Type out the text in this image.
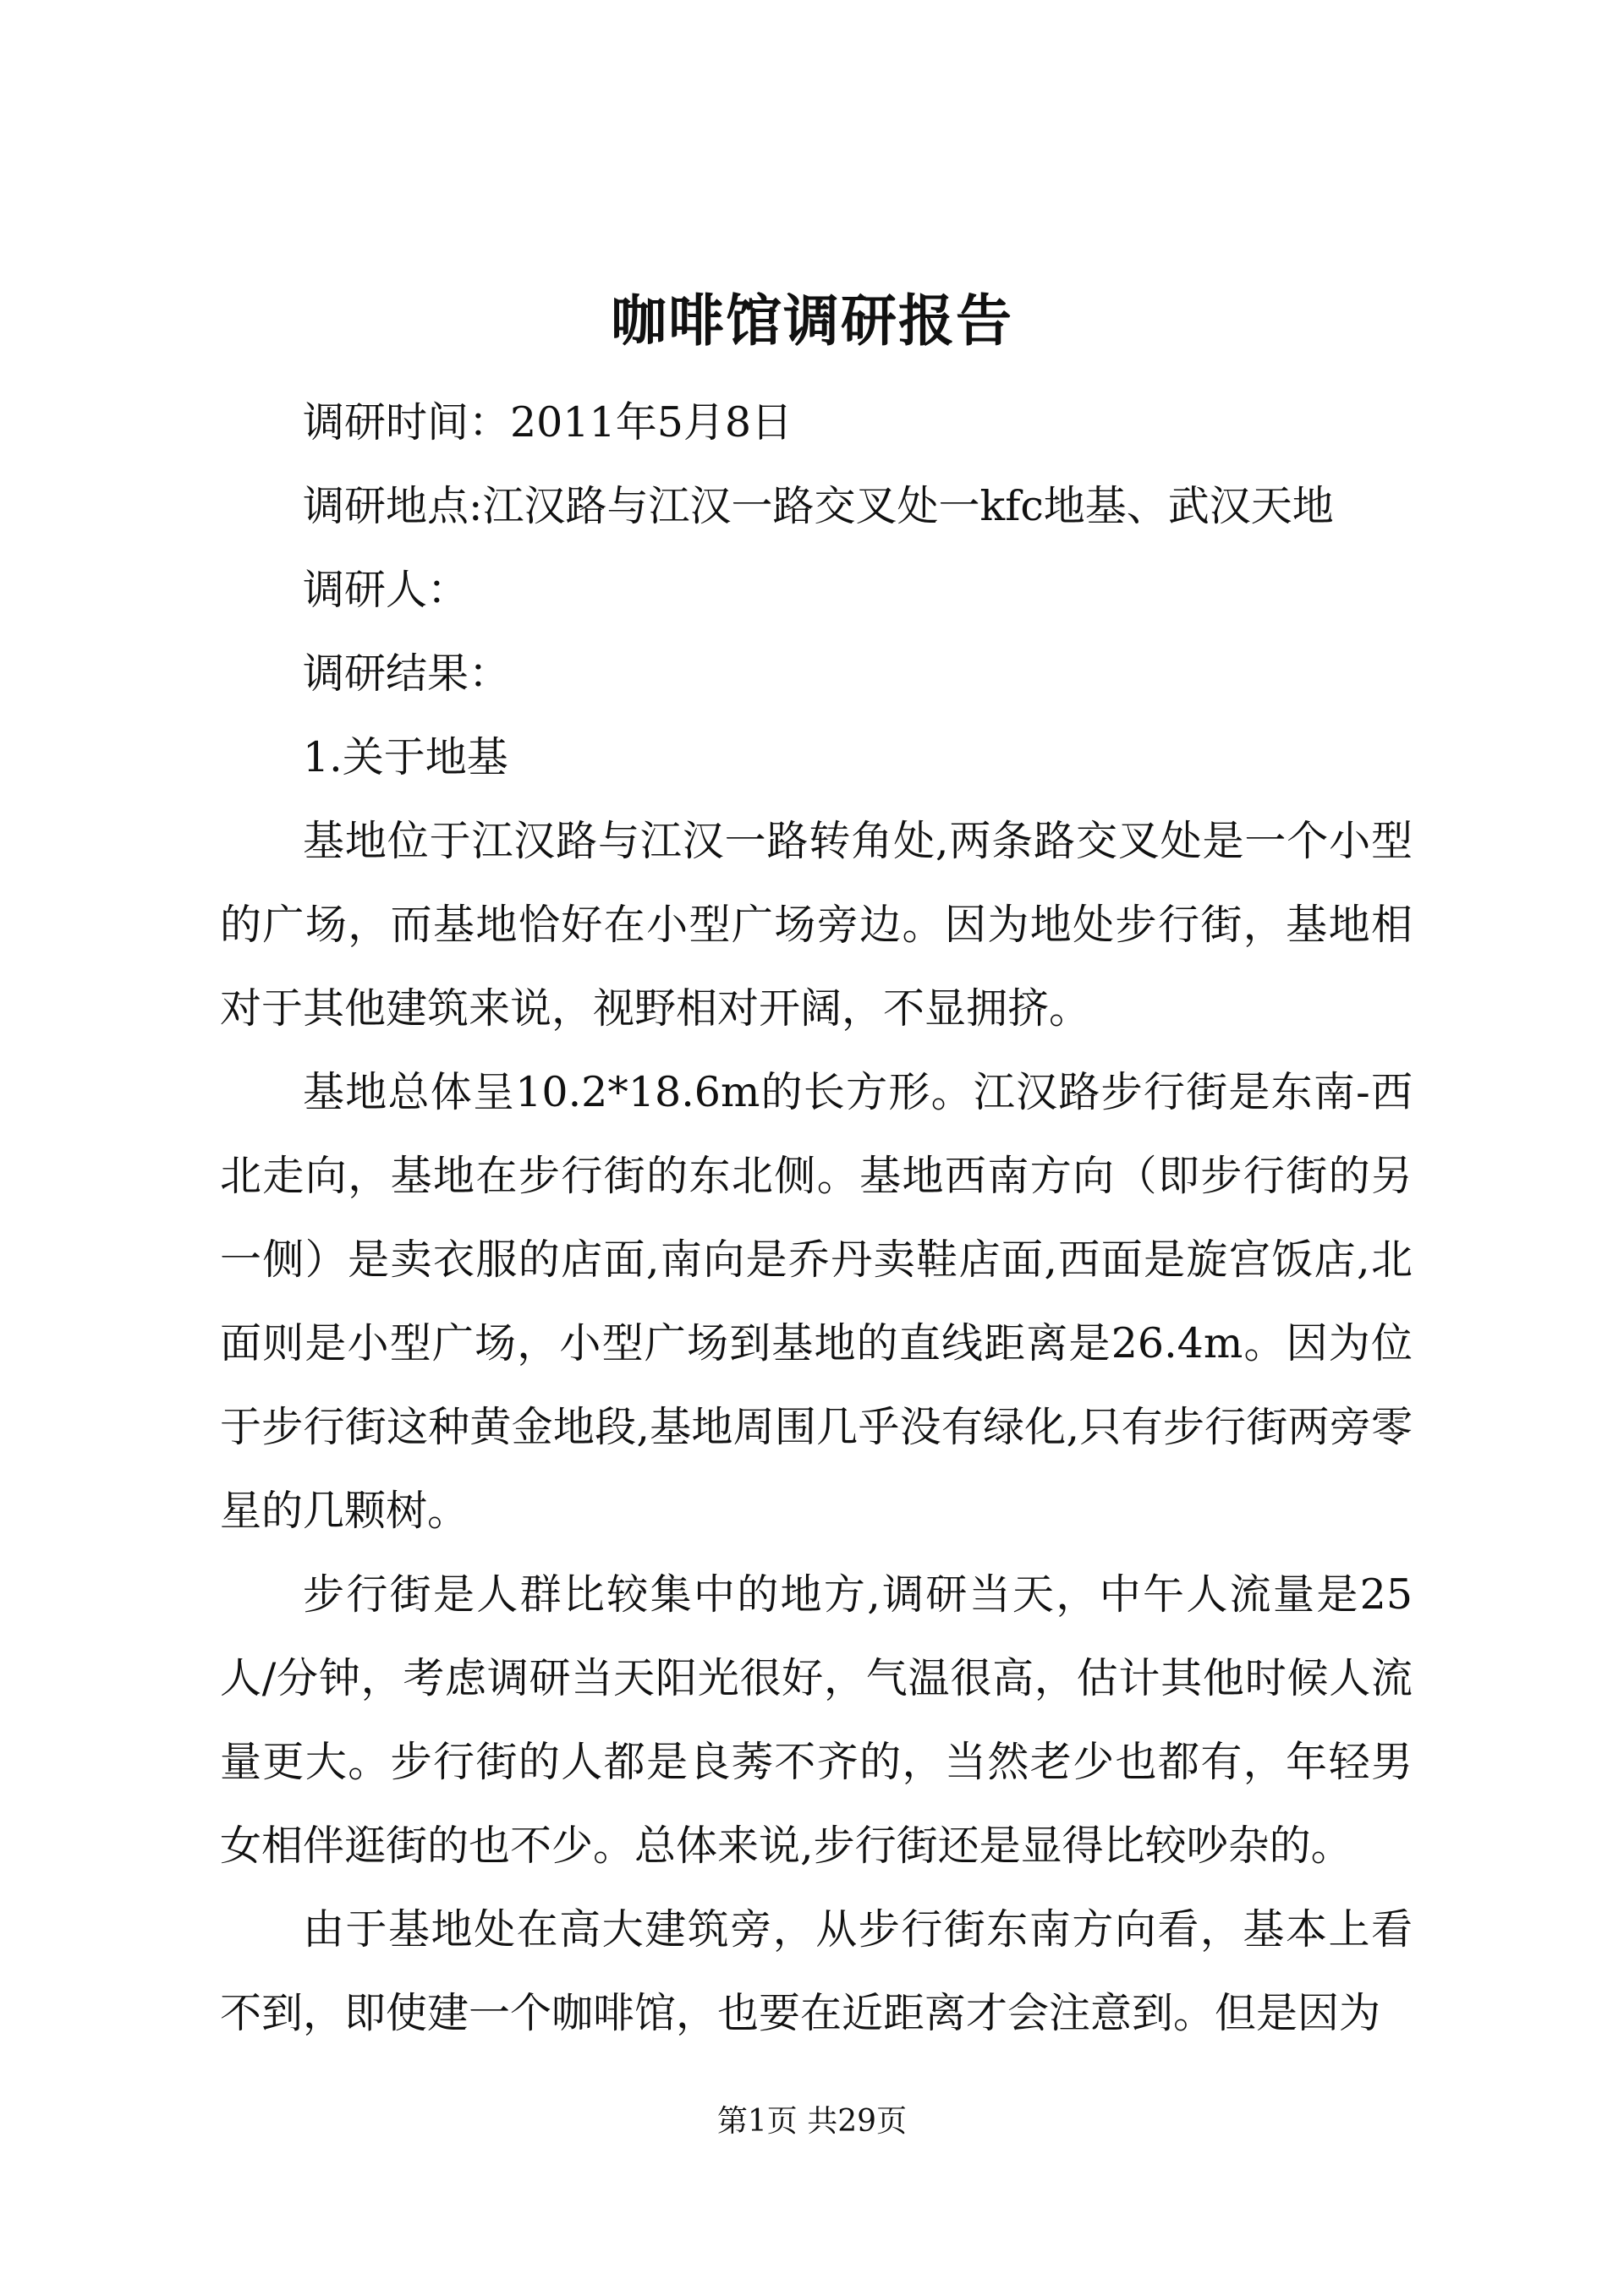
咖啡馆调研报告
调研时间：2011年5月8日
调研地点:江汉路与江汉一路交叉处一kfc地基、武汉天地
调研人：
调研结果：
1.关于地基

基地位于江汉路与江汉一路转角处,两条路交叉处是一个小型的广场，而基地恰好在小型广场旁边。因为地处步行街，基地相对于其他建筑来说，视野相对开阔，不显拥挤。

基地总体呈10.2*18.6m的长方形。江汉路步行街是东南-西北走向，基地在步行街的东北侧。基地西南方向（即步行街的另一侧）是卖衣服的店面,南向是乔丹卖鞋店面,西面是旋宫饭店,北面则是小型广场，小型广场到基地的直线距离是26.4m。因为位于步行街这种黄金地段,基地周围几乎没有绿化,只有步行街两旁零星的几颗树。

步行街是人群比较集中的地方,调研当天，中午人流量是25人/分钟，考虑调研当天阳光很好，气温很高，估计其他时候人流量更大。步行街的人都是良莠不齐的，当然老少也都有，年轻男女相伴逛街的也不少。总体来说,步行街还是显得比较吵杂的。

由于基地处在高大建筑旁，从步行街东南方向看，基本上看不到，即使建一个咖啡馆，也要在近距离才会注意到。但是因为

第1页 共29页
